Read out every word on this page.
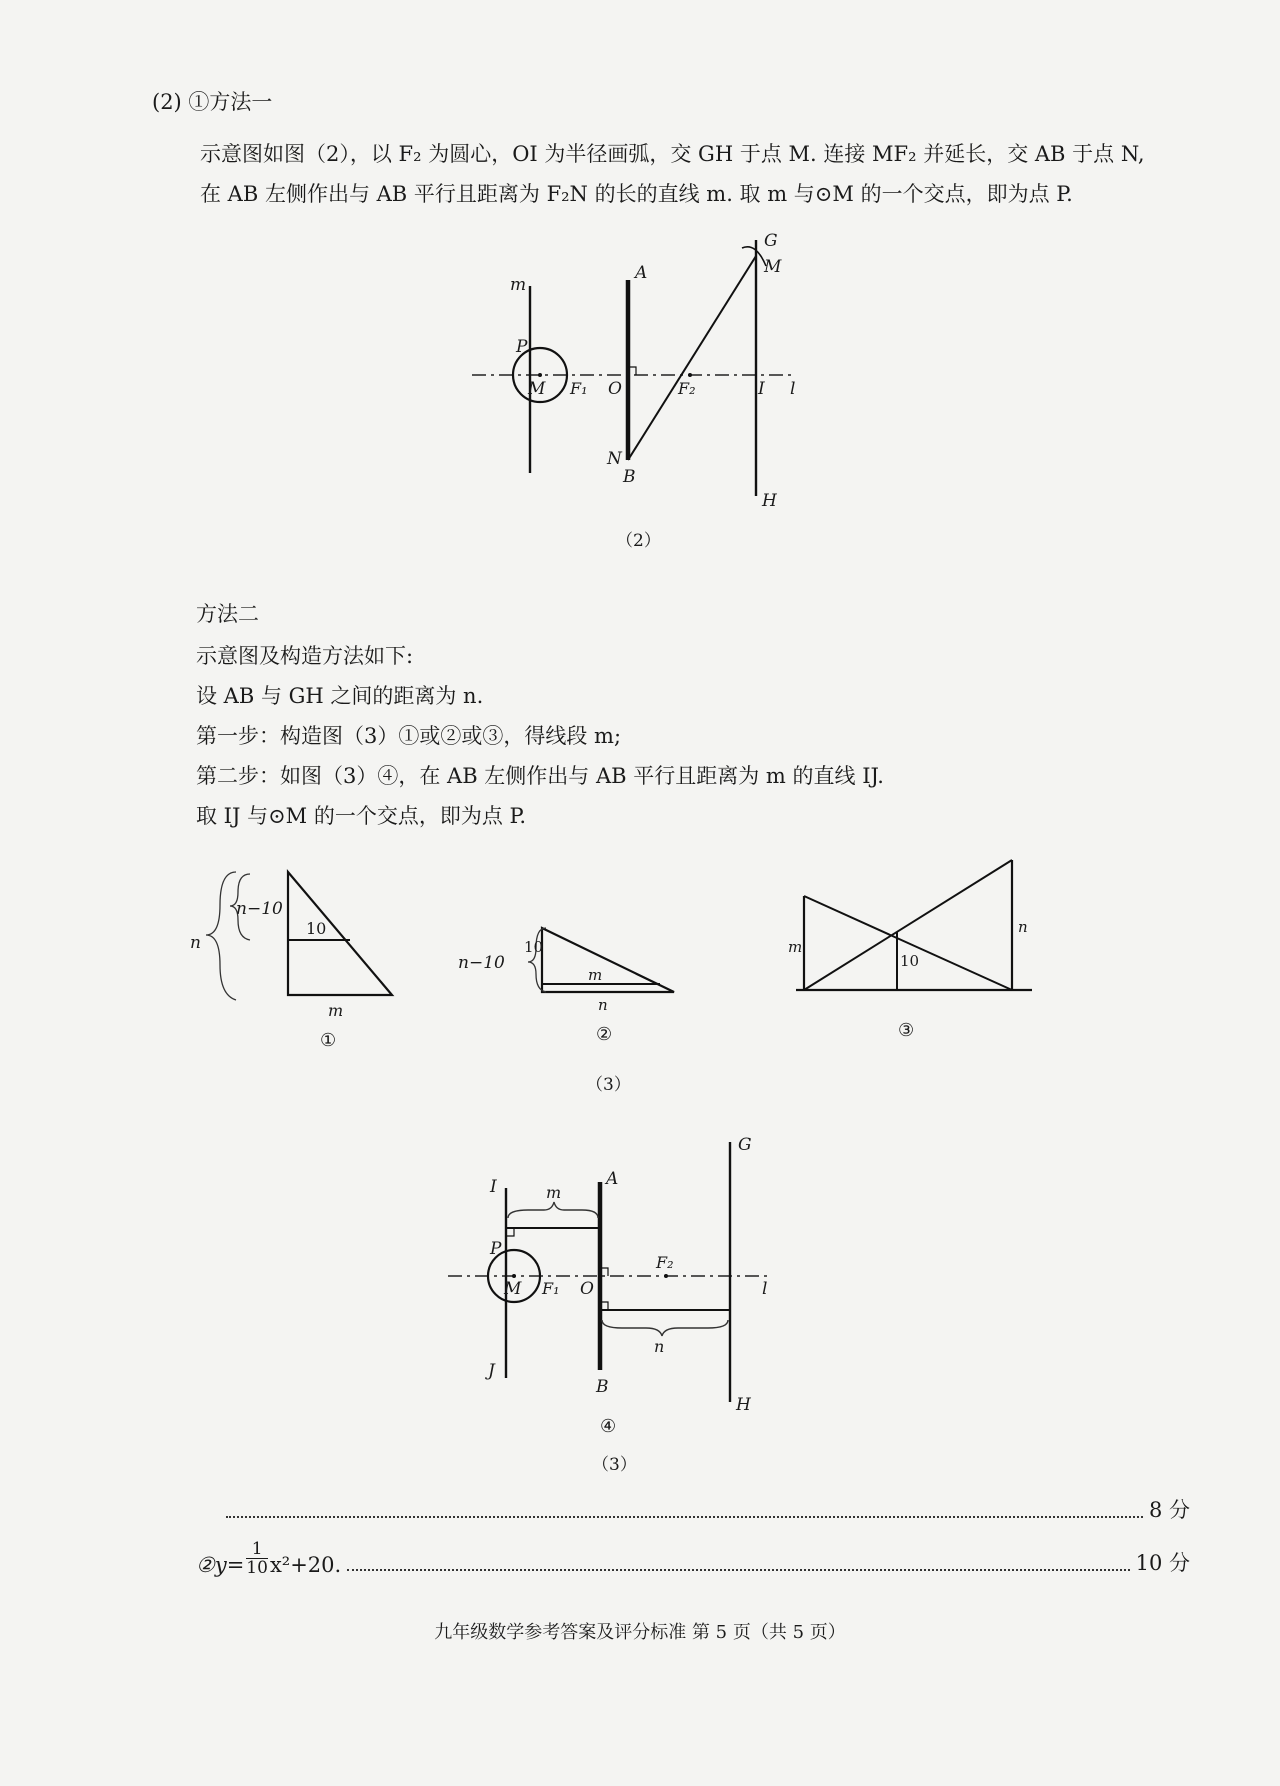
(2) ①方法一
示意图如图（2），以 F₂ 为圆心，OI 为半径画弧，交 GH 于点 M. 连接 MF₂ 并延长，交 AB 于点 N,
在 AB 左侧作出与 AB 平行且距离为 F₂N 的长的直线 m. 取 m 与⊙M 的一个交点，即为点 P.
G
M
A
m
P
M F₁ O	F₂	I l
N
B
H
（2）
方法二
示意图及构造方法如下:
设 AB 与 GH 之间的距离为 n.
第一步：构造图（3）①或②或③，得线段 m;
第二步：如图（3）④，在 AB 左侧作出与 AB 平行且距离为 m 的直线 IJ.
取 IJ 与⊙M 的一个交点，即为点 P.
n−10
n
10
m
①
n−10
10
m
n
②
m
10
n
③
（3）
G
I	m
A
P
F₂
M F₁ O	l
n
J
B
H
④
（3）
8 分
②y= $\frac{1}{10} x^2+20$.	10 分
九年级数学参考答案及评分标准 第 5 页（共 5 页）
